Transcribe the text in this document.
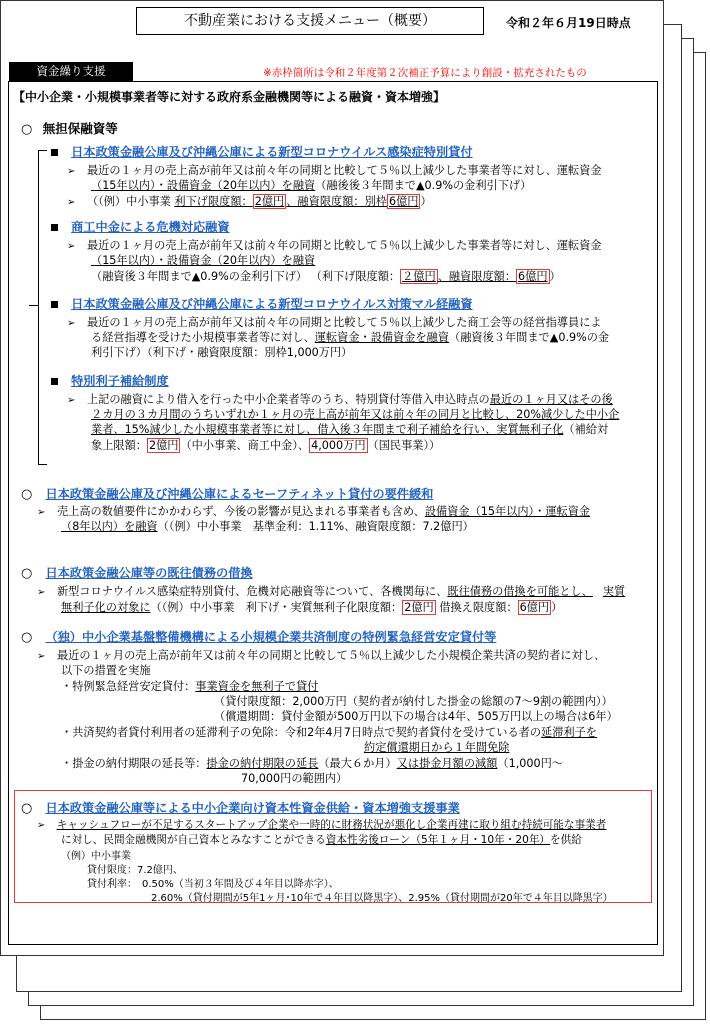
不動産業における支援メニュー（概要）	令和２年６月19日時点
資金繰り支援	※赤枠箇所は令和２年度第２次補正予算により創設・拡充されたもの
【中小企業・小規模事業者等に対する政府系金融機関等による融資・資本増強】
○ 無担保融資等
日本政策金融公庫及び沖縄公庫による新型コロナウイルス感染症特別貸付
➢ 最近の１ヶ月の売上高が前年又は前々年の同期と比較して５％以上減少した事業者等に対し、運転資金
（15年以内）・設備資金（20年以内）を融資（融後後３年間まで▲0.9%の金利引下げ）
➢ （（例）中小事業 利下げ限度額： 2億円 、融資限度額：別枠 6億円 ）
商工中金による危機対応融資
➢ 最近の１ヶ月の売上高が前年又は前々年の同期と比較して５％以上減少した事業者等に対し、運転資金
（15年以内）・設備資金（20年以内）を融資
（融資後３年間まで▲0.9%の金利引下げ） （利下げ限度額： ２億円 、融資限度額： 6億円 ）
日本政策金融公庫及び沖縄公庫による新型コロナウイルス対策マル経融資
➢ 最近の１ヶ月の売上高が前年又は前々年の同期と比較して５％以上減少した商工会等の経営指導員によ
る経営指導を受けた小規模事業者等に対し、運転資金・設備資金を融資（融資後３年間まで▲0.9%の金
利引下げ）（利下げ・融資限度額：別枠1,000万円）
特別利子補給制度
➢ 上記の融資により借入を行った中小企業者等のうち、特別貸付等借入申込時点の最近の１ヶ月又はその後
２カ月の３カ月間のうちいずれか１ヶ月の売上高が前年又は前々年の同月と比較し、20%減少した中小企
業者、15%減少した小規模事業者等に対し、借入後３年間まで利子補給を行い、実質無利子化（補給対
象上限額： 2億円 （中小事業、商工中金）、 4,000万円 （国民事業））
○ 日本政策金融公庫及び沖縄公庫によるセーフティネット貸付の要件緩和
➢ 売上高の数値要件にかかわらず、今後の影響が見込まれる事業者も含め、設備資金（15年以内）・運転資金
（8年以内）を融資（（例）中小事業　基準金利：1.11%、融資限度額：7.2億円）
○ 日本政策金融公庫等の既往債務の借換
➢ 新型コロナウイルス感染症特別貸付、危機対応融資等について、各機関毎に、既往債務の借換を可能とし、 実質
無利子化の対象に（（例）中小事業　利下げ・実質無利子化限度額： 2億円 借換え限度額： 6億円 ）
○ （独）中小企業基盤整備機構による小規模企業共済制度の特例緊急経営安定貸付等
➢ 最近の１ヶ月の売上高が前年又は前々年の同期と比較して５％以上減少した小規模企業共済の契約者に対し、
以下の措置を実施
・特例緊急経営安定貸付：事業資金を無利子で貸付
（貸付限度額：2,000万円（契約者が納付した掛金の総額の7～9割の範囲内））
（償還期間：貸付金額が500万円以下の場合は4年、505万円以上の場合は6年）
・共済契約者貸付利用者の延滞利子の免除：令和2年4月7日時点で契約者貸付を受けている者の延滞利子を
約定償還期日から１年間免除
・掛金の納付期限の延長等：掛金の納付期限の延長（最大６か月）又は掛金月額の減額（1,000円～
70,000円の範囲内）
○ 日本政策金融公庫等による中小企業向け資本性資金供給・資本増強支援事業
➢ キャッシュフローが不足するスタートアップ企業や一時的に財務状況が悪化し企業再建に取り組む持続可能な事業者
に対し、民間金融機関が自己資本とみなすことができる資本性劣後ローン（5年１ヶ月・10年・20年）を供給
（例）中小事業
貸付限度：7.2億円、
貸付利率：　0.50%（当初３年間及び４年目以降赤字）、
2.60%（貸付期間が5年1ヶ月･10年で４年目以降黒字）、2.95%（貸付期間が20年で４年目以降黒字）
